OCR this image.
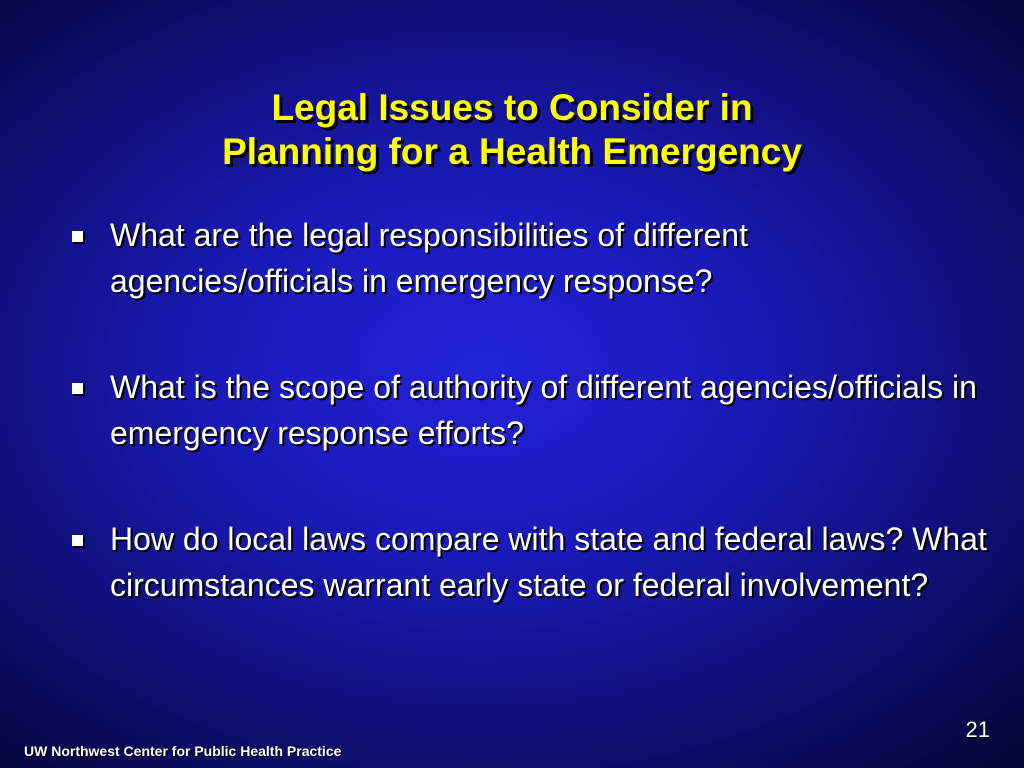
Legal Issues to Consider in
Planning for a Health Emergency
What are the legal responsibilities of different agencies/officials in emergency response?
What is the scope of authority of different agencies/officials in emergency response efforts?
How do local laws compare with state and federal laws? What circumstances warrant early state or federal involvement?
UW Northwest Center for Public Health Practice
21
